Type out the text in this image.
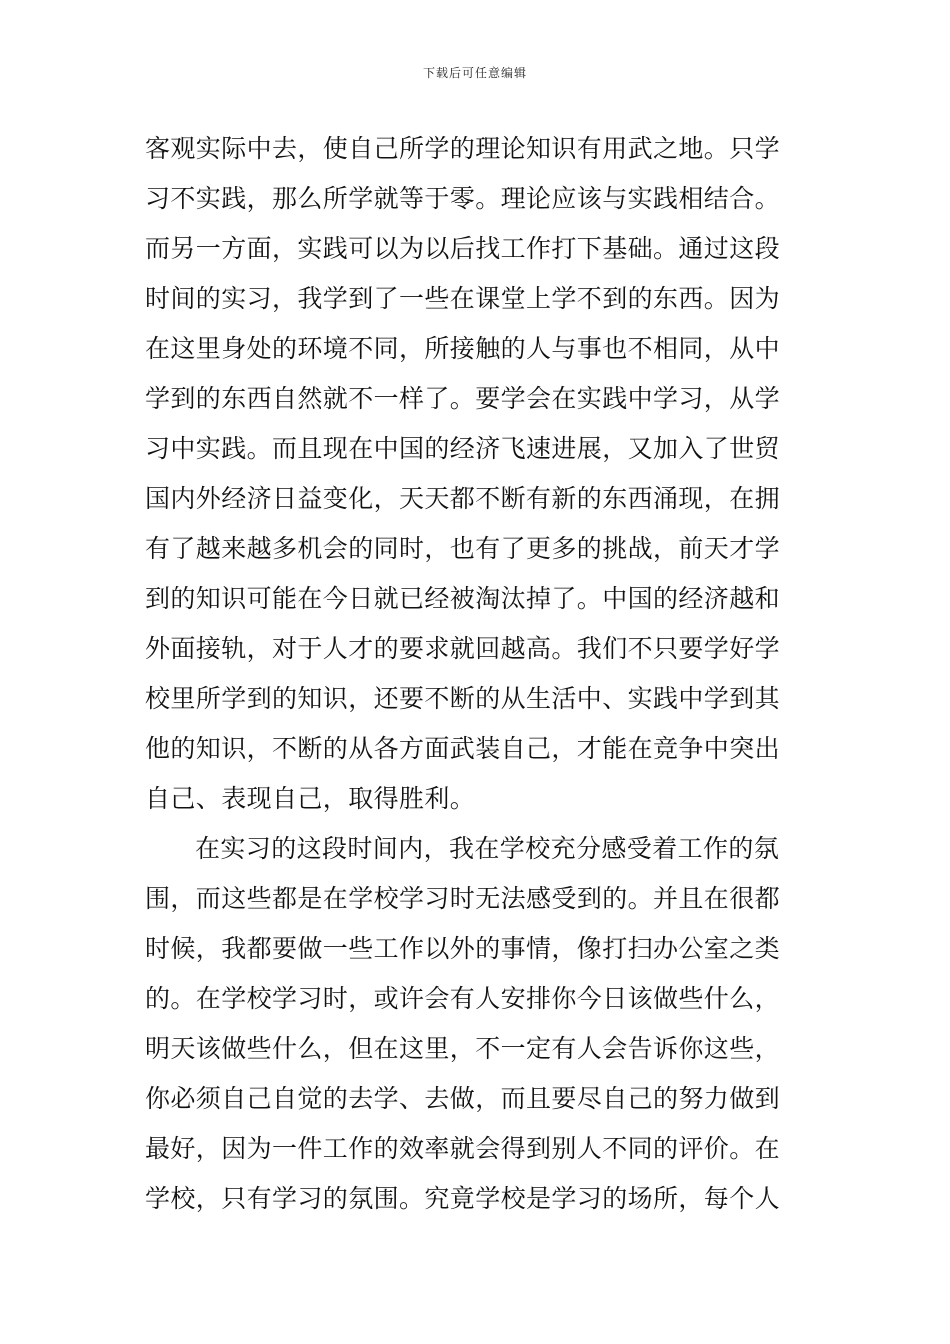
下载后可任意编辑
客观实际中去，使自己所学的理论知识有用武之地。只学
习不实践，那么所学就等于零。理论应该与实践相结合。
而另一方面，实践可以为以后找工作打下基础。通过这段
时间的实习，我学到了一些在课堂上学不到的东西。因为
在这里身处的环境不同，所接触的人与事也不相同，从中
学到的东西自然就不一样了。要学会在实践中学习，从学
习中实践。而且现在中国的经济飞速进展，又加入了世贸
国内外经济日益变化，天天都不断有新的东西涌现，在拥
有了越来越多机会的同时，也有了更多的挑战，前天才学
到的知识可能在今日就已经被淘汰掉了。中国的经济越和
外面接轨，对于人才的要求就回越高。我们不只要学好学
校里所学到的知识，还要不断的从生活中、实践中学到其
他的知识，不断的从各方面武装自己，才能在竞争中突出
自己、表现自己，取得胜利。
在实习的这段时间内，我在学校充分感受着工作的氛
围，而这些都是在学校学习时无法感受到的。并且在很都
时候，我都要做一些工作以外的事情，像打扫办公室之类
的。在学校学习时，或许会有人安排你今日该做些什么，
明天该做些什么，但在这里，不一定有人会告诉你这些，
你必须自己自觉的去学、去做，而且要尽自己的努力做到
最好，因为一件工作的效率就会得到别人不同的评价。在
学校，只有学习的氛围。究竟学校是学习的场所，每个人
